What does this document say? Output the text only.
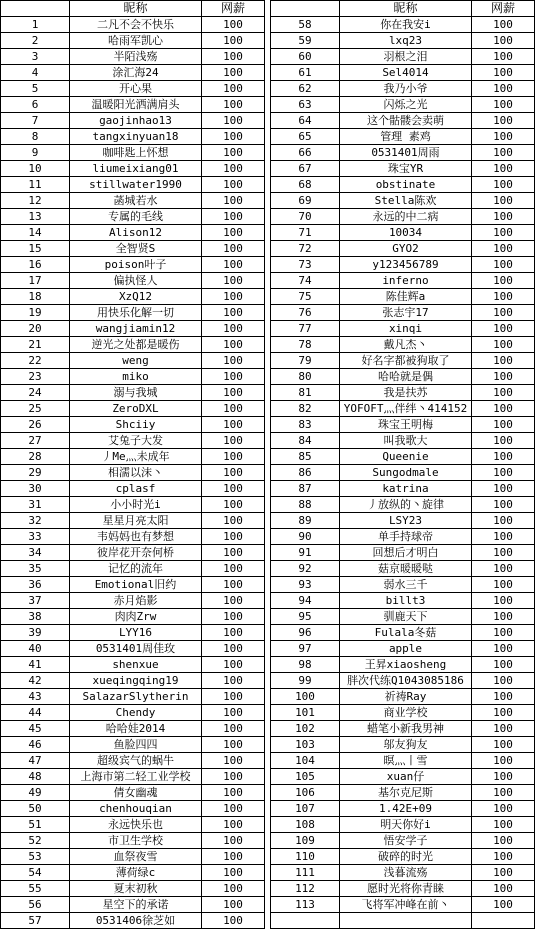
	昵称	网薪			昵称	网薪
1	二凡不会不快乐	100		58	你在我安i	100
2	哈雨军凯心	100		59	lxq23	100
3	半陌浅殇	100		60	羽根之泪	100
4	涂汇海24	100		61	Sel4014	100
5	开心果	100		62	我乃小爷	100
6	温暖阳光洒满肩头	100		63	闪烁之光	100
7	gaojinhao13	100		64	这个骷髅会卖萌	100
8	tangxinyuan18	100		65	管理 素鸡	100
9	咖啡匙上怀想	100		66	0531401周雨	100
10	liumeixiang01	100		67	珠宝YR	100
11	stillwater1990	100		68	obstinate	100
12	菡城若水	100		69	Stella陈欢	100
13	专属的毛线	100		70	永远的中二病	100
14	Alison12	100		71	10034	100
15	全智贤S	100		72	GYO2	100
16	poison叶子	100		73	y123456789	100
17	偏执怪人	100		74	inferno	100
18	XzQ12	100		75	陈佳辉a	100
19	用快乐化解一切	100		76	张志宇17	100
20	wangjiamin12	100		77	xinqi	100
21	逆光之处都是暖伤	100		78	戴凡杰丶	100
22	weng	100		79	好名字都被狗取了	100
23	miko	100		80	哈哈就是偶	100
24	溺与我城	100		81	我是扶苏	100
25	ZeroDXL	100		82	YOFOFT灬伴绊丶414152	100
26	Shciiy	100		83	珠宝王明梅	100
27	艾兔子大发	100		84	叫我歌大	100
28	丿Me灬未成年	100		85	Queenie	100
29	相濡以沫丶	100		86	Sungodmale	100
30	cplasf	100		87	katrina	100
31	小小时光i	100		88	丿放纵的丶旋律	100
32	星星月亮太阳	100		89	LSY23	100
33	韦妈妈也有梦想	100		90	单手持球帝	100
34	彼岸花开奈何桥	100		91	回想后才明白	100
35	记忆的流年	100		92	菇京暖暖哒	100
36	Emotional旧约	100		93	弱水三千	100
37	赤月焰影	100		94	billt3	100
38	肉肉Zrw	100		95	驯鹿天下	100
39	LYY16	100		96	Fulala冬菇	100
40	0531401周佳玫	100		97	apple	100
41	shenxue	100		98	王昇xiaosheng	100
42	xueqingqing19	100		99	胖次代练Q1043085186	100
43	SalazarSlytherin	100		100	祈祷Ray	100
44	Chendy	100		101	商业学校	100
45	哈哈娃2014	100		102	蜡笔小新我男神	100
46	鱼脸四四	100		103	邬友狗友	100
47	超级宾气的蜗牛	100		104	暝灬丨雪	100
48	上海市第二轻工业学校	100		105	xuan仔	100
49	倩女幽魂	100		106	基尔克尼斯	100
50	chenhouqian	100		107	1.42E+09	100
51	永远快乐也	100		108	明天你好i	100
52	市卫生学校	100		109	悟安学子	100
53	血祭夜雪	100		110	破碎的时光	100
54	薄荷绿c	100		111	浅暮流殇	100
55	夏末初秋	100		112	愿时光将你青睐	100
56	星空下的承诺	100		113	飞将军冲峰在前丶	100
57	0531406徐芝如	100				
